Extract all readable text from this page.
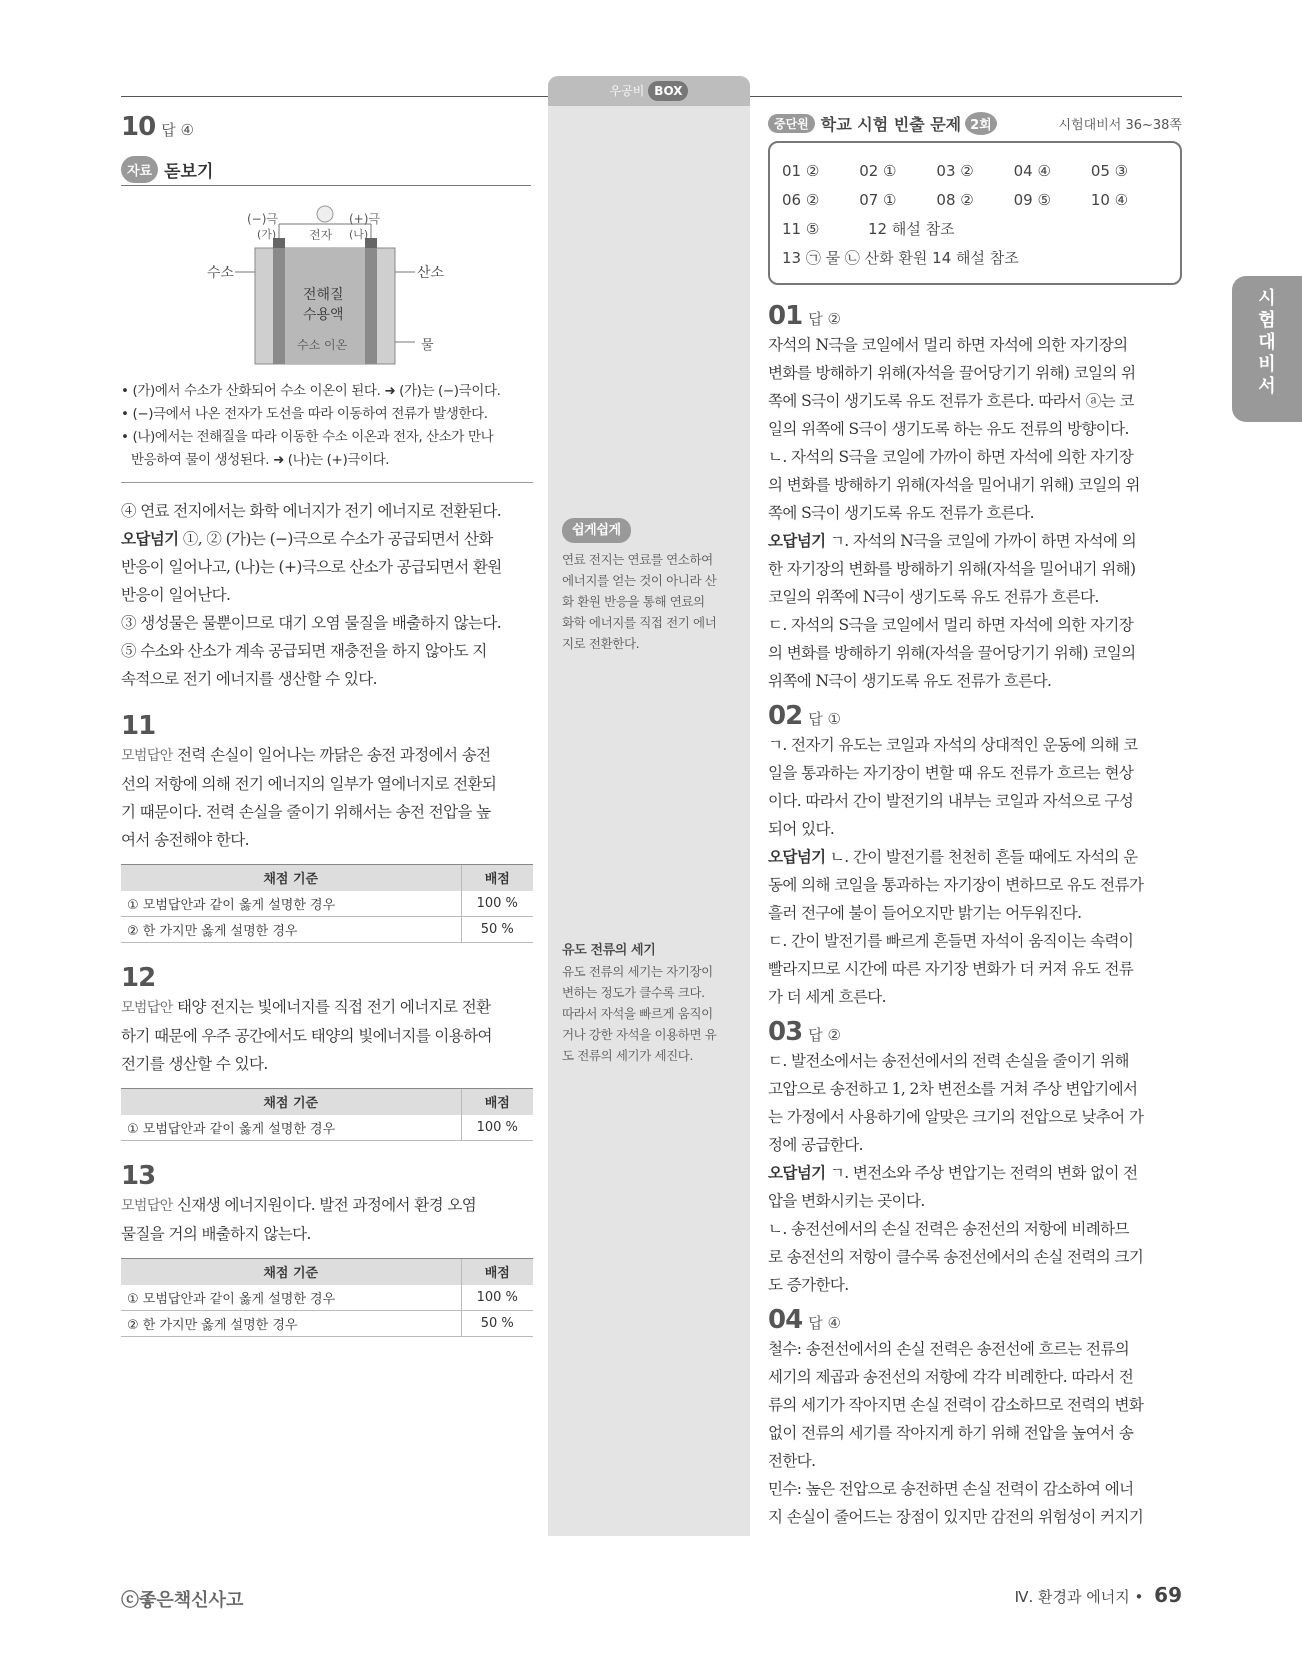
우공비 BOX
10 답 ④
자료 돋보기
(−)극	(+)극
(가)	(나)
전자
수소	산소
전해질
수용액
수소 이온	물
• (가)에서 수소가 산화되어 수소 이온이 된다. ➜ (가)는 (−)극이다.
• (−)극에서 나온 전자가 도선을 따라 이동하여 전류가 발생한다.
• (나)에서는 전해질을 따라 이동한 수소 이온과 전자, 산소가 만나
반응하여 물이 생성된다. ➜ (나)는 (+)극이다.
④ 연료 전지에서는 화학 에너지가 전기 에너지로 전환된다.
오답넘기 ①, ② (가)는 (−)극으로 수소가 공급되면서 산화
반응이 일어나고, (나)는 (+)극으로 산소가 공급되면서 환원
반응이 일어난다.
③ 생성물은 물뿐이므로 대기 오염 물질을 배출하지 않는다.
⑤ 수소와 산소가 계속 공급되면 재충전을 하지 않아도 지
속적으로 전기 에너지를 생산할 수 있다.
11
모범답안 전력 손실이 일어나는 까닭은 송전 과정에서 송전
선의 저항에 의해 전기 에너지의 일부가 열에너지로 전환되
기 때문이다. 전력 손실을 줄이기 위해서는 송전 전압을 높
여서 송전해야 한다.
채점 기준	배점
① 모범답안과 같이 옳게 설명한 경우	100 %
② 한 가지만 옳게 설명한 경우	50 %
12
모범답안 태양 전지는 빛에너지를 직접 전기 에너지로 전환
하기 때문에 우주 공간에서도 태양의 빛에너지를 이용하여
전기를 생산할 수 있다.
채점 기준	배점
① 모범답안과 같이 옳게 설명한 경우	100 %
13
모범답안 신재생 에너지원이다. 발전 과정에서 환경 오염
물질을 거의 배출하지 않는다.
채점 기준	배점
① 모범답안과 같이 옳게 설명한 경우	100 %
② 한 가지만 옳게 설명한 경우	50 %
쉽게쉽게
연료 전지는 연료를 연소하여
에너지를 얻는 것이 아니라 산
화 환원 반응을 통해 연료의
화학 에너지를 직접 전기 에너
지로 전환한다.
유도 전류의 세기
유도 전류의 세기는 자기장이
변하는 정도가 클수록 크다.
따라서 자석을 빠르게 움직이
거나 강한 자석을 이용하면 유
도 전류의 세기가 세진다.
중단원 학교 시험 빈출 문제 2회	시험대비서 36~38쪽
01 ②	02 ①	03 ②	04 ④	05 ③
06 ②	07 ①	08 ②	09 ⑤	10 ④
11 ⑤	12 해설 참조
13 ㉠ 물 ㉡ 산화 환원 14 해설 참조
01 답 ②
자석의 N극을 코일에서 멀리 하면 자석에 의한 자기장의
변화를 방해하기 위해(자석을 끌어당기기 위해) 코일의 위
쪽에 S극이 생기도록 유도 전류가 흐른다. 따라서 ⓐ는 코
일의 위쪽에 S극이 생기도록 하는 유도 전류의 방향이다.
ㄴ. 자석의 S극을 코일에 가까이 하면 자석에 의한 자기장
의 변화를 방해하기 위해(자석을 밀어내기 위해) 코일의 위
쪽에 S극이 생기도록 유도 전류가 흐른다.
오답넘기 ㄱ. 자석의 N극을 코일에 가까이 하면 자석에 의
한 자기장의 변화를 방해하기 위해(자석을 밀어내기 위해)
코일의 위쪽에 N극이 생기도록 유도 전류가 흐른다.
ㄷ. 자석의 S극을 코일에서 멀리 하면 자석에 의한 자기장
의 변화를 방해하기 위해(자석을 끌어당기기 위해) 코일의
위쪽에 N극이 생기도록 유도 전류가 흐른다.
02 답 ①
ㄱ. 전자기 유도는 코일과 자석의 상대적인 운동에 의해 코
일을 통과하는 자기장이 변할 때 유도 전류가 흐르는 현상
이다. 따라서 간이 발전기의 내부는 코일과 자석으로 구성
되어 있다.
오답넘기 ㄴ. 간이 발전기를 천천히 흔들 때에도 자석의 운
동에 의해 코일을 통과하는 자기장이 변하므로 유도 전류가
흘러 전구에 불이 들어오지만 밝기는 어두워진다.
ㄷ. 간이 발전기를 빠르게 흔들면 자석이 움직이는 속력이
빨라지므로 시간에 따른 자기장 변화가 더 커져 유도 전류
가 더 세게 흐른다.
03 답 ②
ㄷ. 발전소에서는 송전선에서의 전력 손실을 줄이기 위해
고압으로 송전하고 1, 2차 변전소를 거쳐 주상 변압기에서
는 가정에서 사용하기에 알맞은 크기의 전압으로 낮추어 가
정에 공급한다.
오답넘기 ㄱ. 변전소와 주상 변압기는 전력의 변화 없이 전
압을 변화시키는 곳이다.
ㄴ. 송전선에서의 손실 전력은 송전선의 저항에 비례하므
로 송전선의 저항이 클수록 송전선에서의 손실 전력의 크기
도 증가한다.
04 답 ④
철수: 송전선에서의 손실 전력은 송전선에 흐르는 전류의
세기의 제곱과 송전선의 저항에 각각 비례한다. 따라서 전
류의 세기가 작아지면 손실 전력이 감소하므로 전력의 변화
없이 전류의 세기를 작아지게 하기 위해 전압을 높여서 송
전한다.
민수: 높은 전압으로 송전하면 손실 전력이 감소하여 에너
지 손실이 줄어드는 장점이 있지만 감전의 위험성이 커지기
시
험
대
비
서
ⓒ좋은책신사고	Ⅳ. 환경과 에너지 • 69
